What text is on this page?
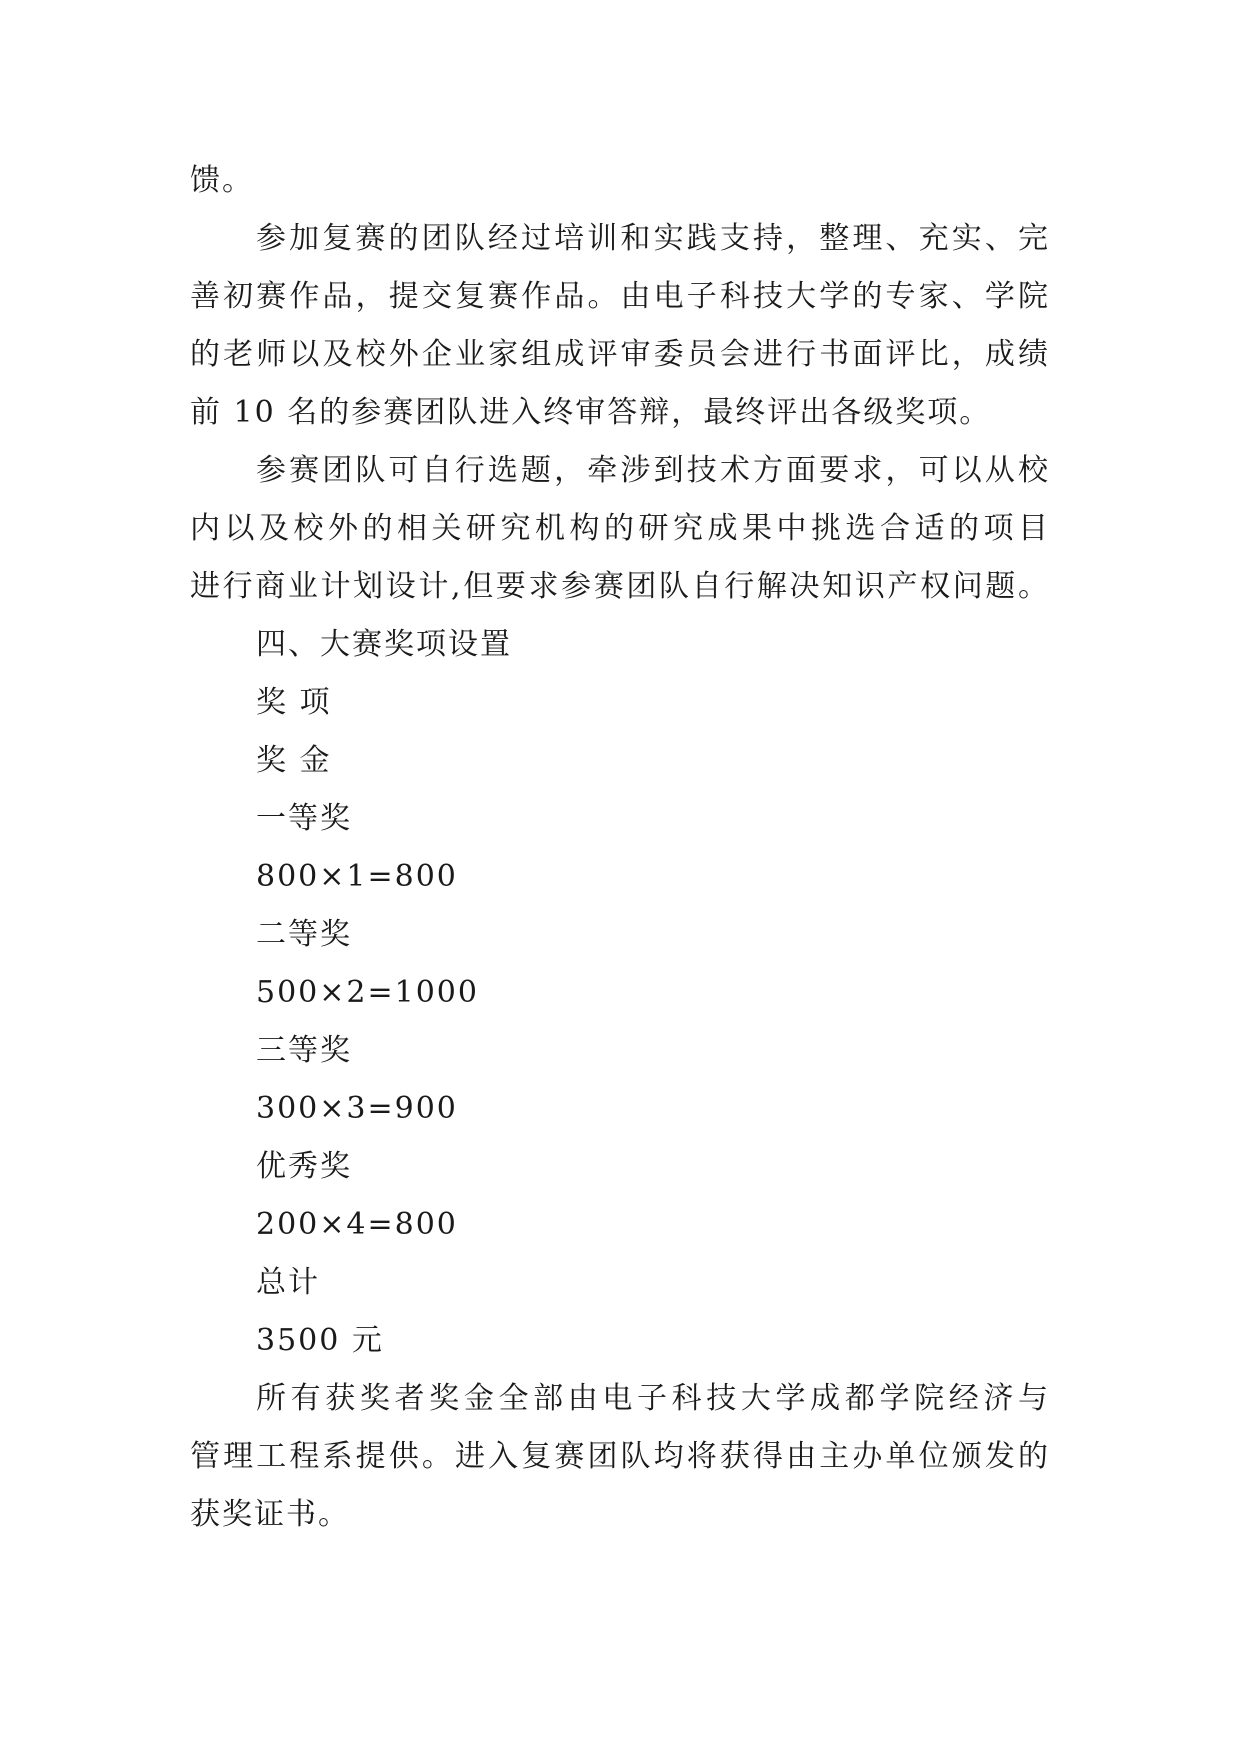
馈。
参加复赛的团队经过培训和实践支持，整理、充实、完
善初赛作品，提交复赛作品。由电子科技大学的专家、学院
的老师以及校外企业家组成评审委员会进行书面评比，成绩
前 10 名的参赛团队进入终审答辩，最终评出各级奖项。
参赛团队可自行选题，牵涉到技术方面要求，可以从校
内以及校外的相关研究机构的研究成果中挑选合适的项目
进行商业计划设计,但要求参赛团队自行解决知识产权问题。
四、大赛奖项设置
奖 项
奖 金
一等奖
800×1=800
二等奖
500×2=1000
三等奖
300×3=900
优秀奖
200×4=800
总计
3500 元
所有获奖者奖金全部由电子科技大学成都学院经济与
管理工程系提供。进入复赛团队均将获得由主办单位颁发的
获奖证书。
